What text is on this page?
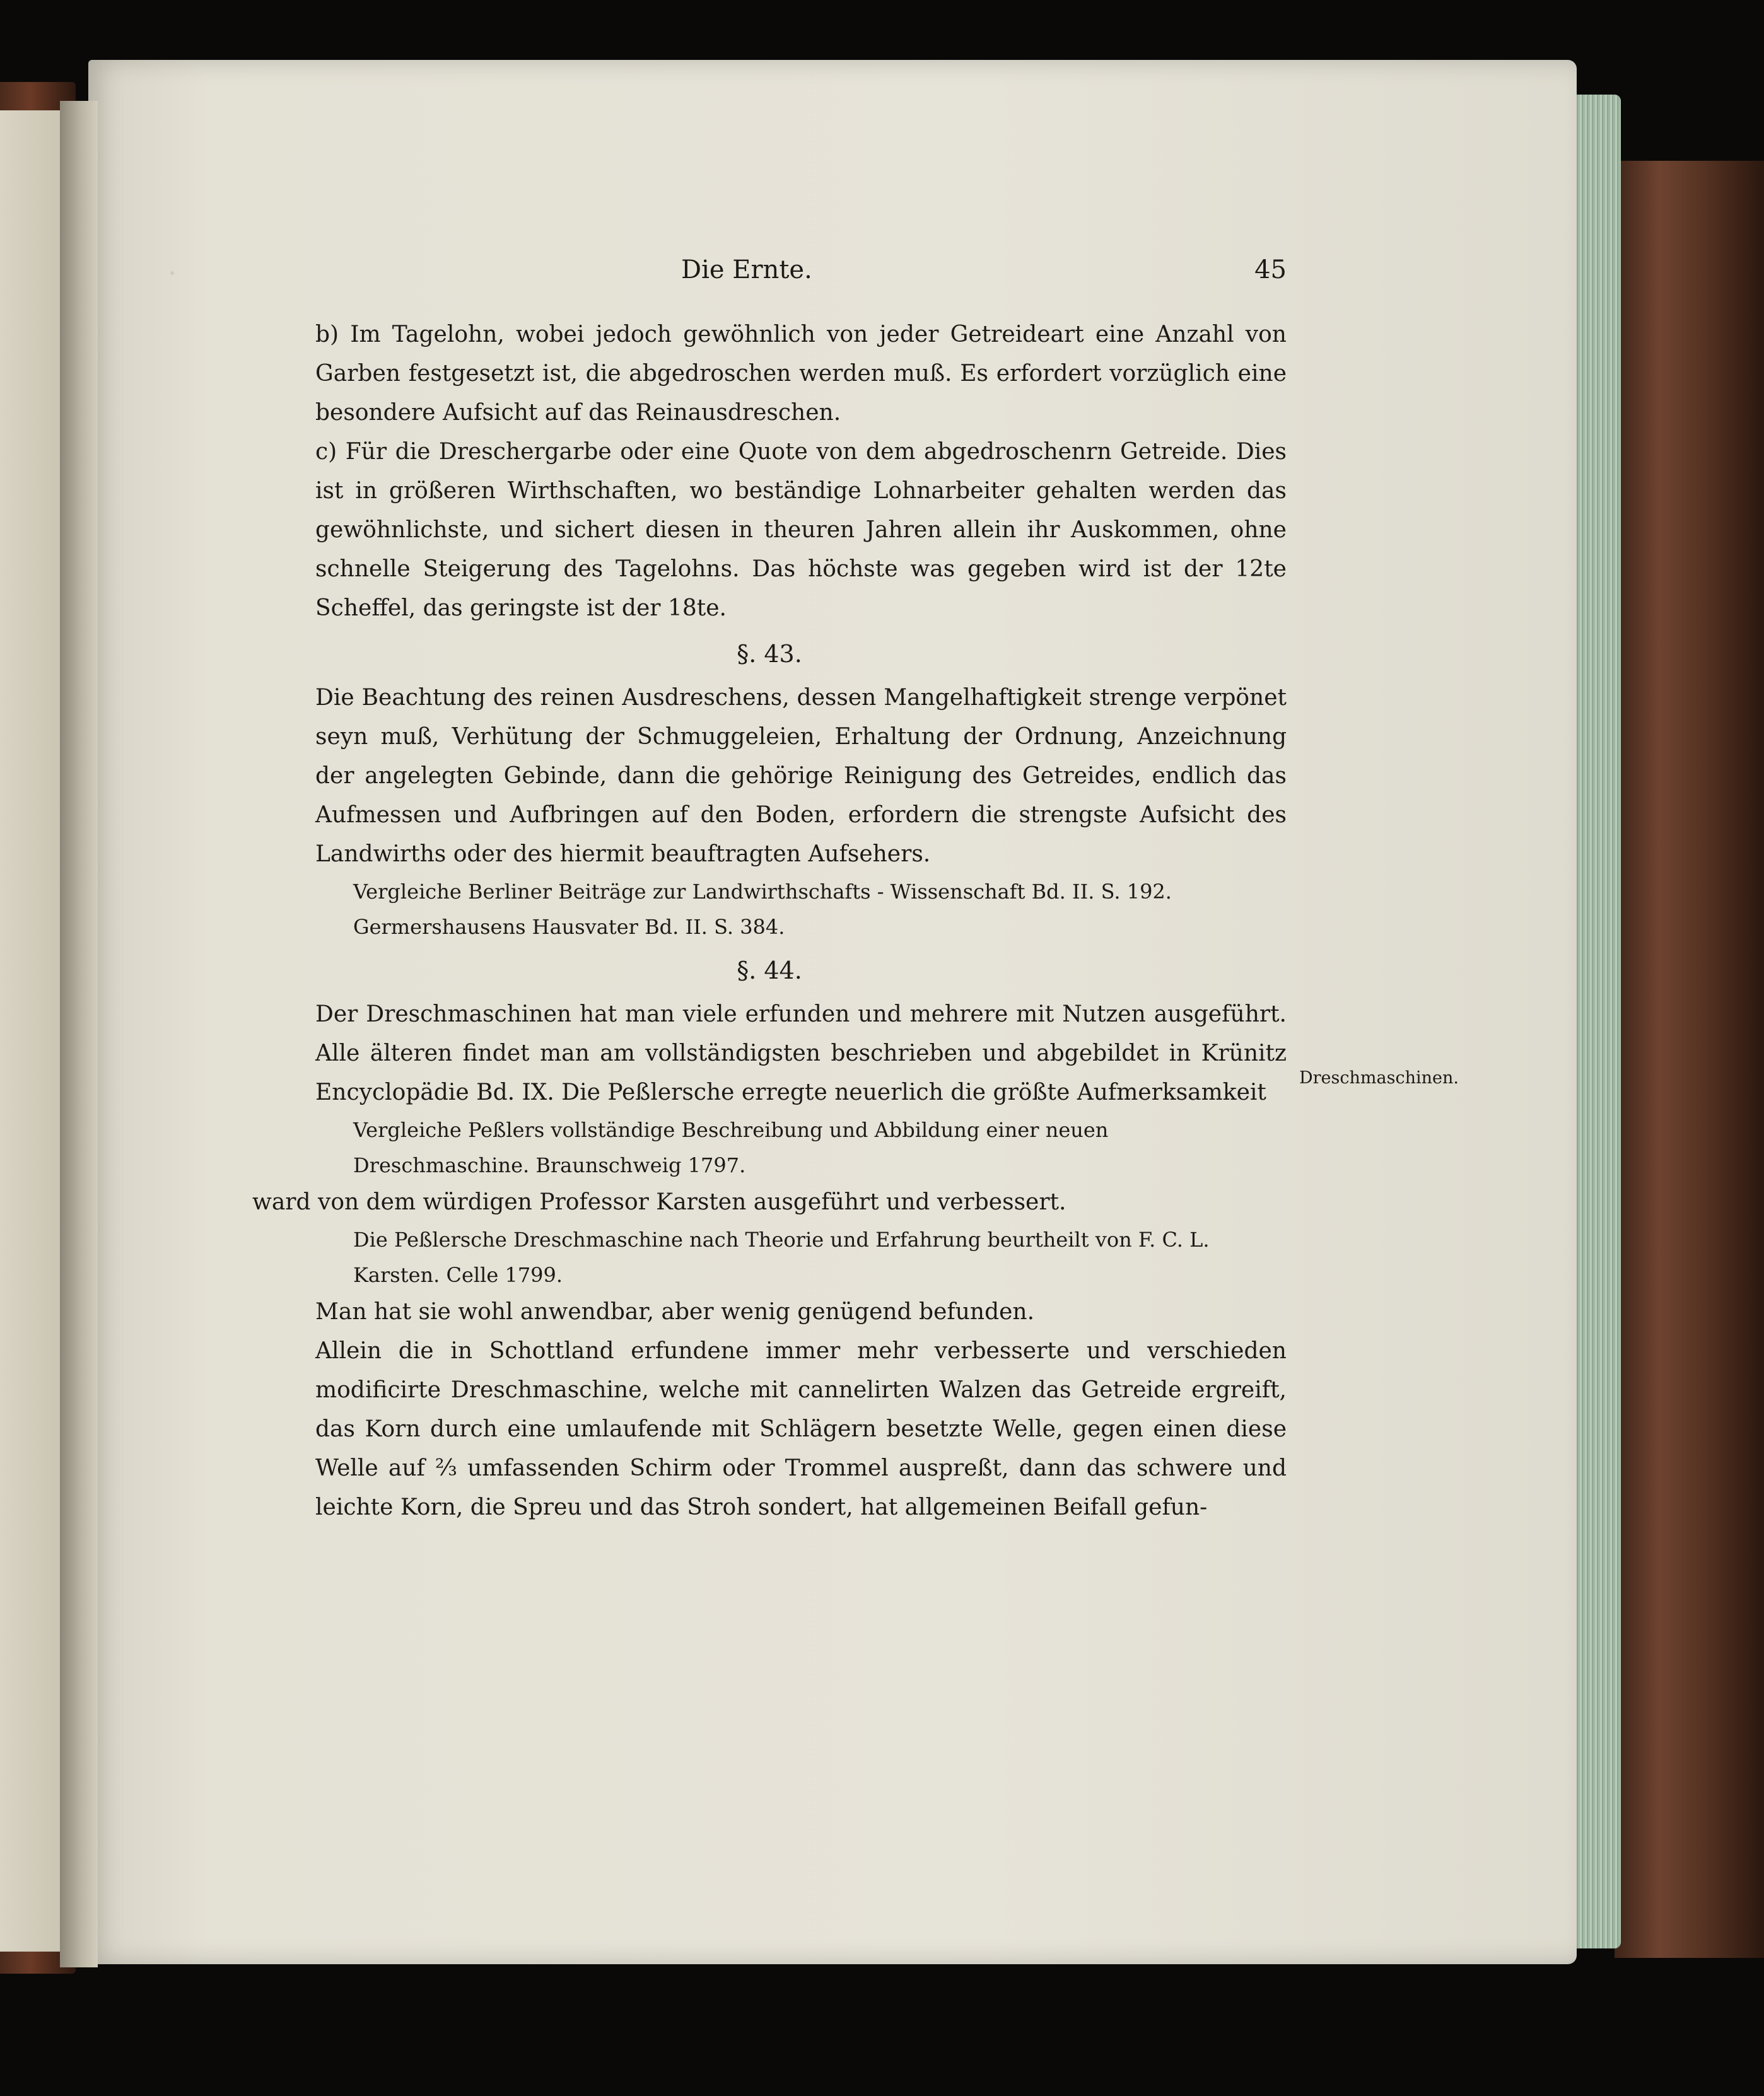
Die Ernte.	45

b) Im Tagelohn, wobei jedoch gewöhnlich von jeder Getreideart eine Anzahl von Garben festgesetzt ist, die abgedroschen werden muß. Es erfordert vorzüglich eine besondere Aufsicht auf das Reinausdreschen.

c) Für die Dreschergarbe oder eine Quote von dem abgedroschenrn Getreide. Dies ist in größeren Wirthschaften, wo beständige Lohnarbeiter gehalten werden das gewöhnlichste, und sichert diesen in theuren Jahren allein ihr Auskommen, ohne schnelle Steigerung des Tagelohns. Das höchste was gegeben wird ist der 12te Scheffel, das geringste ist der 18te.

§. 43.

Die Beachtung des reinen Ausdreschens, dessen Mangelhaftigkeit strenge verpönet seyn muß, Verhütung der Schmuggeleien, Erhaltung der Ordnung, Anzeichnung der angelegten Gebinde, dann die gehörige Reinigung des Getreides, endlich das Aufmessen und Aufbringen auf den Boden, erfordern die strengste Aufsicht des Landwirths oder des hiermit beauftragten Aufsehers.

Vergleiche Berliner Beiträge zur Landwirthschafts - Wissenschaft Bd. II. S. 192. Germershausens Hausvater Bd. II. S. 384.

§. 44.

Der Dreschmaschinen hat man viele erfunden und mehrere mit Nutzen ausgeführt. Alle älteren findet man am vollständigsten beschrieben und abgebildet in Krünitz Encyclopädie Bd. IX. Die Peßlersche erregte neuerlich die größte Aufmerksamkeit

Vergleiche Peßlers vollständige Beschreibung und Abbildung einer neuen Dreschmaschine. Braunschweig 1797.

ward von dem würdigen Professor Karsten ausgeführt und verbessert.

Die Peßlersche Dreschmaschine nach Theorie und Erfahrung beurtheilt von F. C. L. Karsten. Celle 1799.

Man hat sie wohl anwendbar, aber wenig genügend befunden.

Allein die in Schottland erfundene immer mehr verbesserte und verschieden modificirte Dreschmaschine, welche mit cannelirten Walzen das Getreide ergreift, das Korn durch eine umlaufende mit Schlägern besetzte Welle, gegen einen diese Welle auf ⅔ umfassenden Schirm oder Trommel auspreßt, dann das schwere und leichte Korn, die Spreu und das Stroh sondert, hat allgemeinen Beifall gefun-

Dreschmaschinen.
